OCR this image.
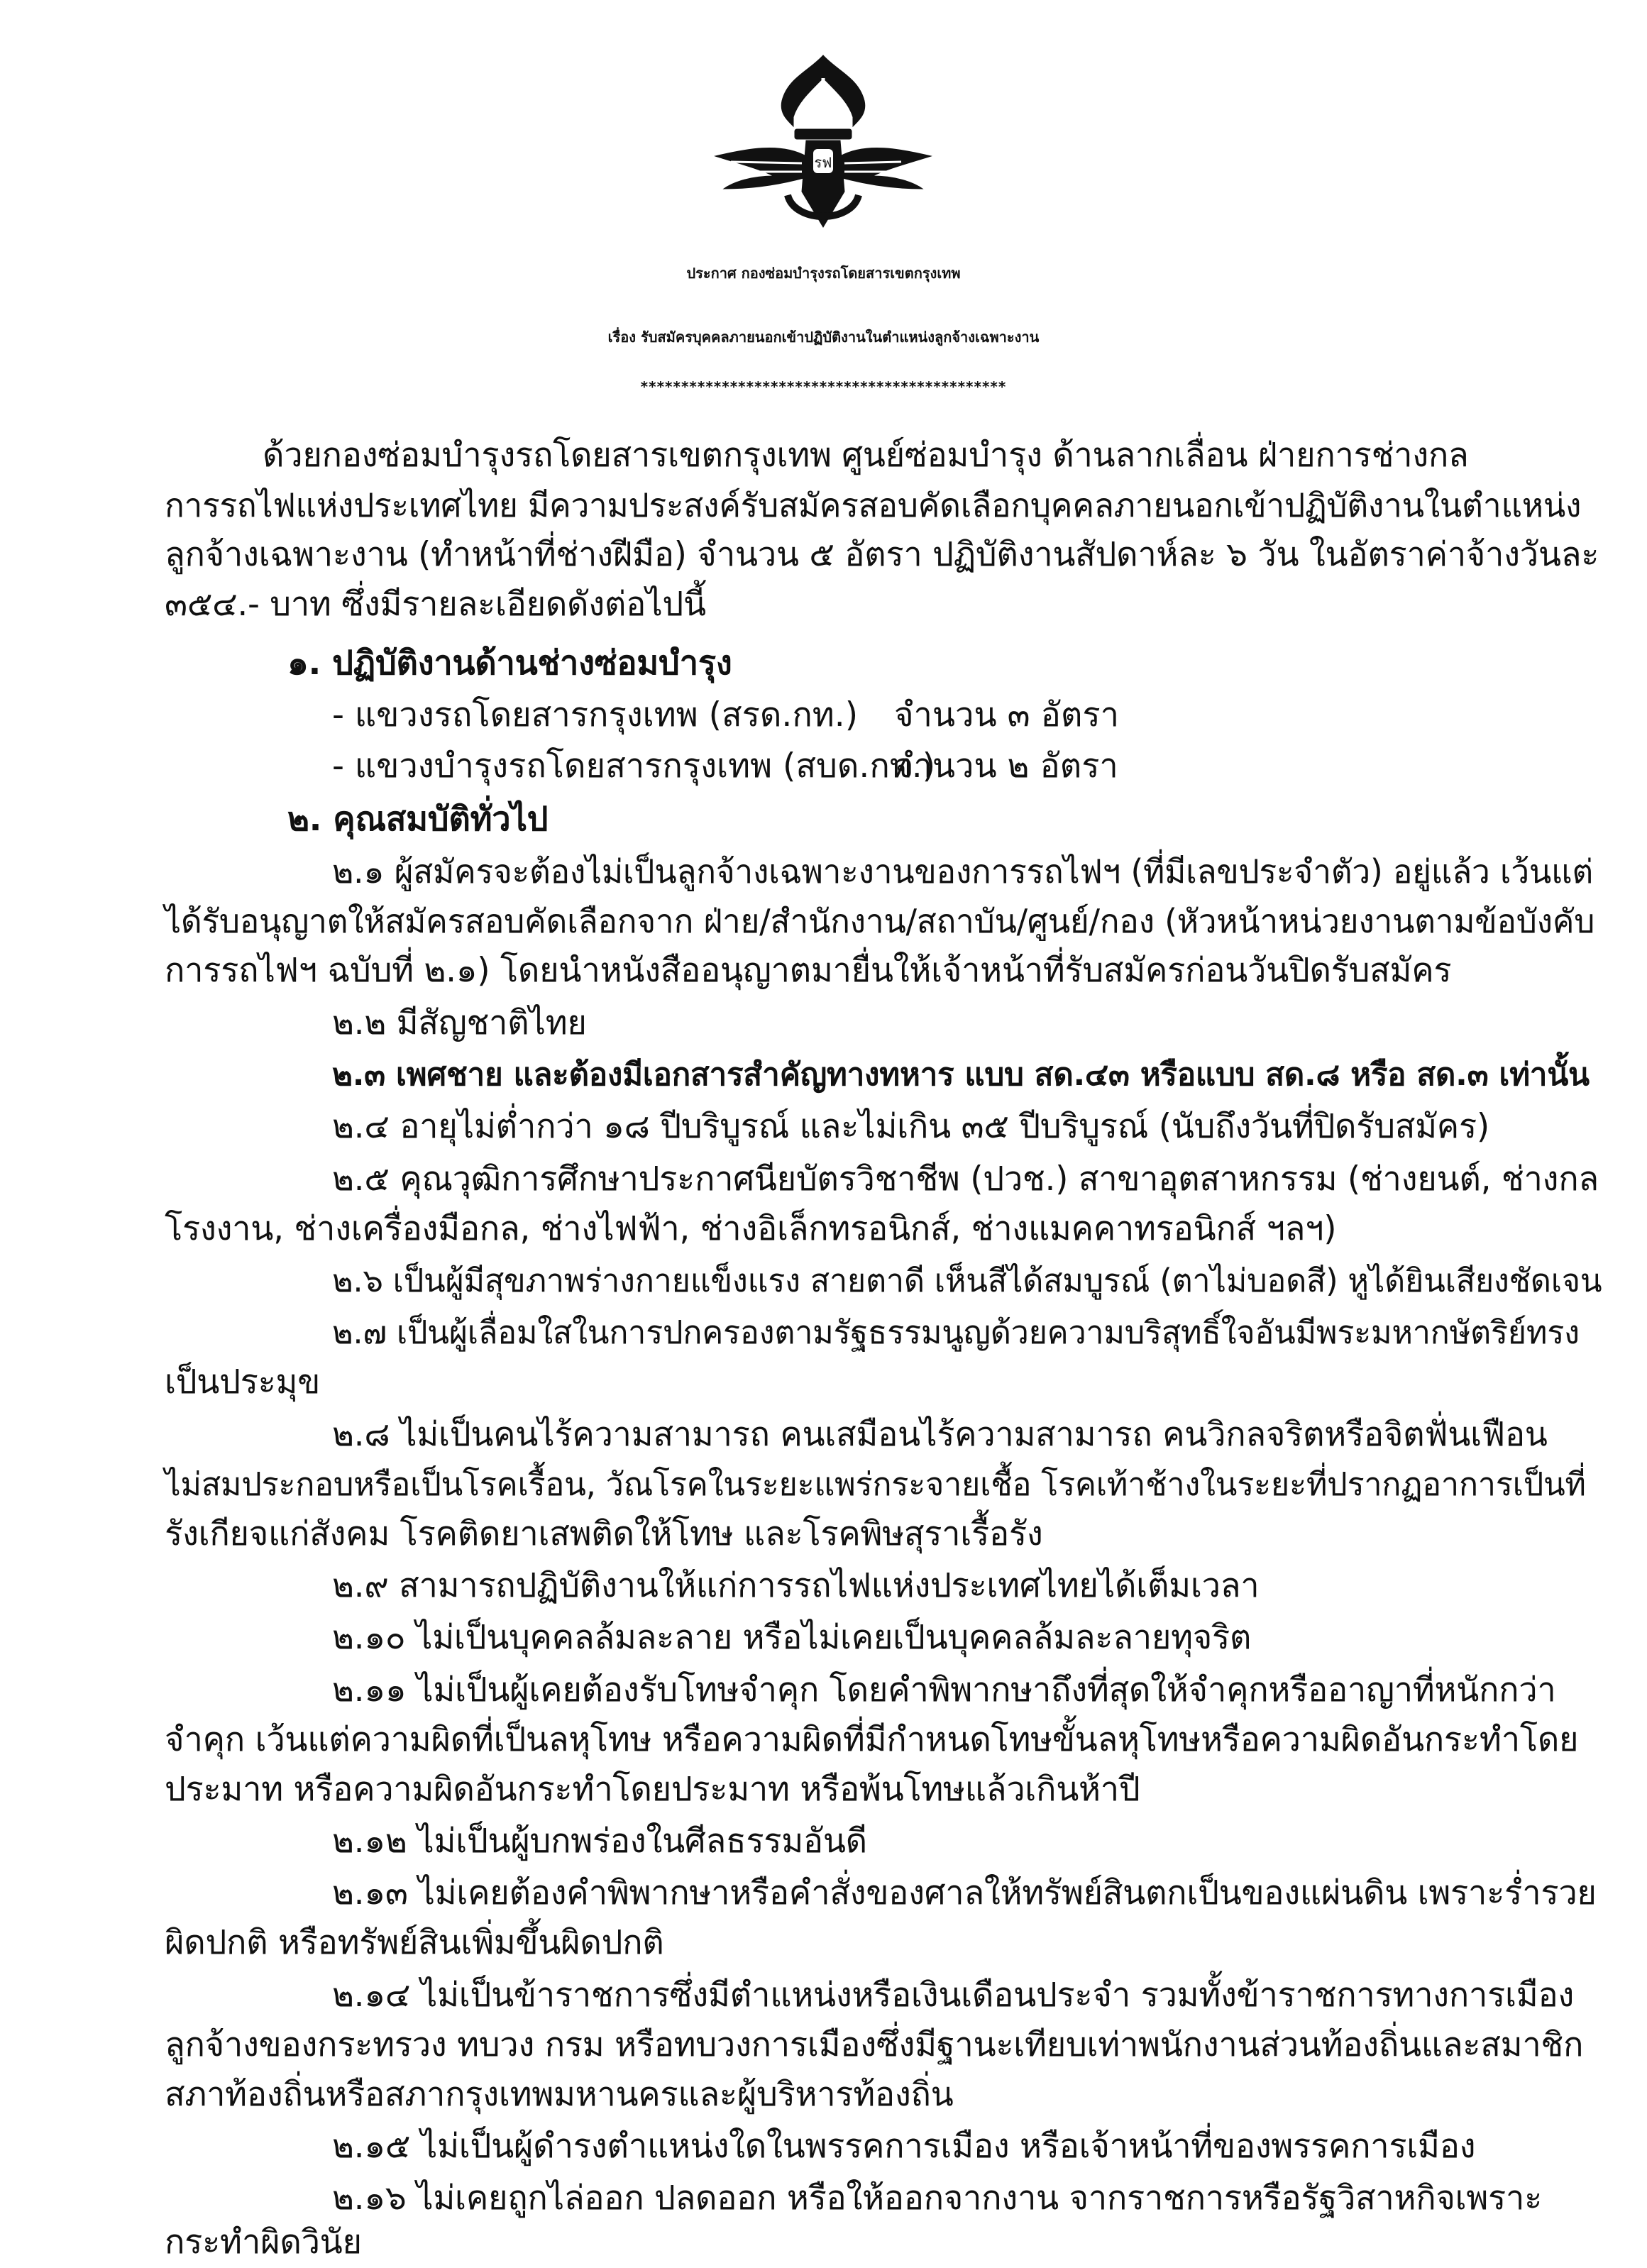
รฟ
ประกาศ กองซ่อมบำรุงรถโดยสารเขตกรุงเทพ
เรื่อง รับสมัครบุคคลภายนอกเข้าปฏิบัติงานในตำแหน่งลูกจ้างเฉพาะงาน
*********************************************
ด้วยกองซ่อมบำรุงรถโดยสารเขตกรุงเทพ ศูนย์ซ่อมบำรุง ด้านลากเลื่อน ฝ่ายการช่างกล
การรถไฟแห่งประเทศไทย มีความประสงค์รับสมัครสอบคัดเลือกบุคคลภายนอกเข้าปฏิบัติงานในตำแหน่ง
ลูกจ้างเฉพาะงาน (ทำหน้าที่ช่างฝีมือ) จำนวน ๕ อัตรา ปฏิบัติงานสัปดาห์ละ ๖ วัน ในอัตราค่าจ้างวันละ
๓๕๔.- บาท ซึ่งมีรายละเอียดดังต่อไปนี้
๑. ปฏิบัติงานด้านช่างซ่อมบำรุง
- แขวงรถโดยสารกรุงเทพ (สรด.กท.) จำนวน ๓ อัตรา
- แขวงบำรุงรถโดยสารกรุงเทพ (สบด.กท.)
จำนวน ๒ อัตรา
๒. คุณสมบัติทั่วไป
๒.๑ ผู้สมัครจะต้องไม่เป็นลูกจ้างเฉพาะงานของการรถไฟฯ (ที่มีเลขประจำตัว) อยู่แล้ว เว้นแต่
ได้รับอนุญาตให้สมัครสอบคัดเลือกจาก ฝ่าย/สำนักงาน/สถาบัน/ศูนย์/กอง (หัวหน้าหน่วยงานตามข้อบังคับ
การรถไฟฯ ฉบับที่ ๒.๑) โดยนำหนังสืออนุญาตมายื่นให้เจ้าหน้าที่รับสมัครก่อนวันปิดรับสมัคร
๒.๒ มีสัญชาติไทย
๒.๓ เพศชาย และต้องมีเอกสารสำคัญทางทหาร แบบ สด.๔๓ หรือแบบ สด.๘ หรือ สด.๓ เท่านั้น
๒.๔ อายุไม่ต่ำกว่า ๑๘ ปีบริบูรณ์ และไม่เกิน ๓๕ ปีบริบูรณ์ (นับถึงวันที่ปิดรับสมัคร)
๒.๕ คุณวุฒิการศึกษาประกาศนียบัตรวิชาชีพ (ปวช.) สาขาอุตสาหกรรม (ช่างยนต์, ช่างกล
โรงงาน, ช่างเครื่องมือกล, ช่างไฟฟ้า, ช่างอิเล็กทรอนิกส์, ช่างแมคคาทรอนิกส์ ฯลฯ)
๒.๖ เป็นผู้มีสุขภาพร่างกายแข็งแรง สายตาดี เห็นสีได้สมบูรณ์ (ตาไม่บอดสี) หูได้ยินเสียงชัดเจน
๒.๗ เป็นผู้เลื่อมใสในการปกครองตามรัฐธรรมนูญด้วยความบริสุทธิ์ใจอันมีพระมหากษัตริย์ทรง
เป็นประมุข
๒.๘ ไม่เป็นคนไร้ความสามารถ คนเสมือนไร้ความสามารถ คนวิกลจริตหรือจิตฟั่นเฟือน
ไม่สมประกอบหรือเป็นโรคเรื้อน, วัณโรคในระยะแพร่กระจายเชื้อ โรคเท้าช้างในระยะที่ปรากฏอาการเป็นที่
รังเกียจแก่สังคม โรคติดยาเสพติดให้โทษ และโรคพิษสุราเรื้อรัง
๒.๙ สามารถปฏิบัติงานให้แก่การรถไฟแห่งประเทศไทยได้เต็มเวลา
๒.๑๐ ไม่เป็นบุคคลล้มละลาย หรือไม่เคยเป็นบุคคลล้มละลายทุจริต
๒.๑๑ ไม่เป็นผู้เคยต้องรับโทษจำคุก โดยคำพิพากษาถึงที่สุดให้จำคุกหรืออาญาที่หนักกว่า
จำคุก เว้นแต่ความผิดที่เป็นลหุโทษ หรือความผิดที่มีกำหนดโทษขั้นลหุโทษหรือความผิดอันกระทำโดย
ประมาท หรือความผิดอันกระทำโดยประมาท หรือพ้นโทษแล้วเกินห้าปี
๒.๑๒ ไม่เป็นผู้บกพร่องในศีลธรรมอันดี
๒.๑๓ ไม่เคยต้องคำพิพากษาหรือคำสั่งของศาลให้ทรัพย์สินตกเป็นของแผ่นดิน เพราะร่ำรวย
ผิดปกติ หรือทรัพย์สินเพิ่มขึ้นผิดปกติ
๒.๑๔ ไม่เป็นข้าราชการซึ่งมีตำแหน่งหรือเงินเดือนประจำ รวมทั้งข้าราชการทางการเมือง
ลูกจ้างของกระทรวง ทบวง กรม หรือทบวงการเมืองซึ่งมีฐานะเทียบเท่าพนักงานส่วนท้องถิ่นและสมาชิก
สภาท้องถิ่นหรือสภากรุงเทพมหานครและผู้บริหารท้องถิ่น
๒.๑๕ ไม่เป็นผู้ดำรงตำแหน่งใดในพรรคการเมือง หรือเจ้าหน้าที่ของพรรคการเมือง
๒.๑๖ ไม่เคยถูกไล่ออก ปลดออก หรือให้ออกจากงาน จากราชการหรือรัฐวิสาหกิจเพราะ
กระทำผิดวินัย
